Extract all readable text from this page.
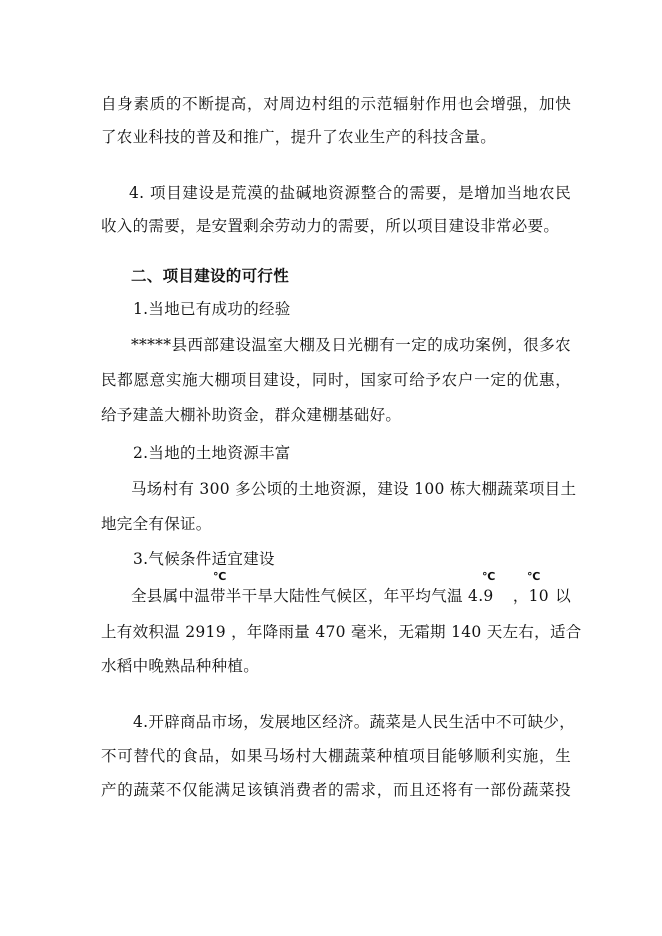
自身素质的不断提高，对周边村组的示范辐射作用也会增强，加快
了农业科技的普及和推广，提升了农业生产的科技含量。
4. 项目建设是荒漠的盐碱地资源整合的需要，是增加当地农民
收入的需要，是安置剩余劳动力的需要，所以项目建设非常必要。
二、项目建设的可行性
1.当地已有成功的经验
*****县西部建设温室大棚及日光棚有一定的成功案例，很多农
民都愿意实施大棚项目建设，同时，国家可给予农户一定的优惠，
给予建盖大棚补助资金，群众建棚基础好。
2.当地的土地资源丰富
马场村有 300 多公顷的土地资源，建设 100 栋大棚蔬菜项目土
地完全有保证。
3.气候条件适宜建设
℃	℃	℃
全县属中温带半干旱大陆性气候区，年平均气温 4.9 ，10 以
上有效积温 2919 ，年降雨量 470 毫米，无霜期 140 天左右，适合
水稻中晚熟品种种植。
4.开辟商品市场，发展地区经济。蔬菜是人民生活中不可缺少，
不可替代的食品，如果马场村大棚蔬菜种植项目能够顺利实施，生
产的蔬菜不仅能满足该镇消费者的需求，而且还将有一部份蔬菜投
